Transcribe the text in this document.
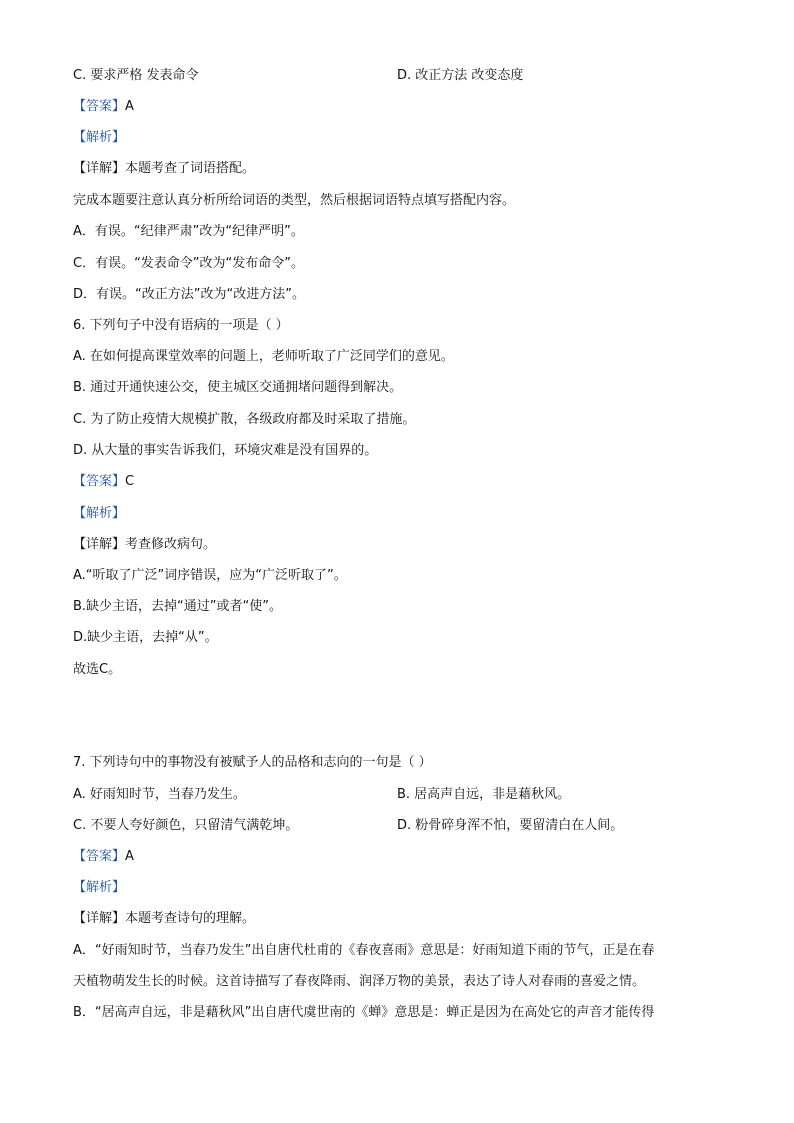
C. 要求严格 发表命令	D. 改正方法 改变态度
【答案】A
【解析】
【详解】本题考查了词语搭配。
完成本题要注意认真分析所给词语的类型，然后根据词语特点填写搭配内容。
A．有误。“纪律严肃”改为“纪律严明”。
C．有误。“发表命令”改为“发布命令”。
D．有误。“改正方法”改为“改进方法”。
6. 下列句子中没有语病的一项是（ ）
A. 在如何提高课堂效率的问题上，老师听取了广泛同学们的意见。
B. 通过开通快速公交，使主城区交通拥堵问题得到解决。
C. 为了防止疫情大规模扩散，各级政府都及时采取了措施。
D. 从大量的事实告诉我们，环境灾难是没有国界的。
【答案】C
【解析】
【详解】考查修改病句。
A.“听取了广泛”词序错误，应为“广泛听取了”。
B.缺少主语，去掉“通过”或者“使”。
D.缺少主语，去掉“从”。
故选C。
7. 下列诗句中的事物没有被赋予人的品格和志向的一句是（ ）
A. 好雨知时节，当春乃发生。	B. 居高声自远，非是藉秋风。
C. 不要人夸好颜色，只留清气满乾坤。	D. 粉骨碎身浑不怕，要留清白在人间。
【答案】A
【解析】
【详解】本题考查诗句的理解。
A．“好雨知时节，当春乃发生”出自唐代杜甫的《春夜喜雨》意思是：好雨知道下雨的节气，正是在春
天植物萌发生长的时候。这首诗描写了春夜降雨、润泽万物的美景，表达了诗人对春雨的喜爱之情。
B．“居高声自远，非是藉秋风”出自唐代虞世南的《蝉》意思是：蝉正是因为在高处它的声音才能传得
